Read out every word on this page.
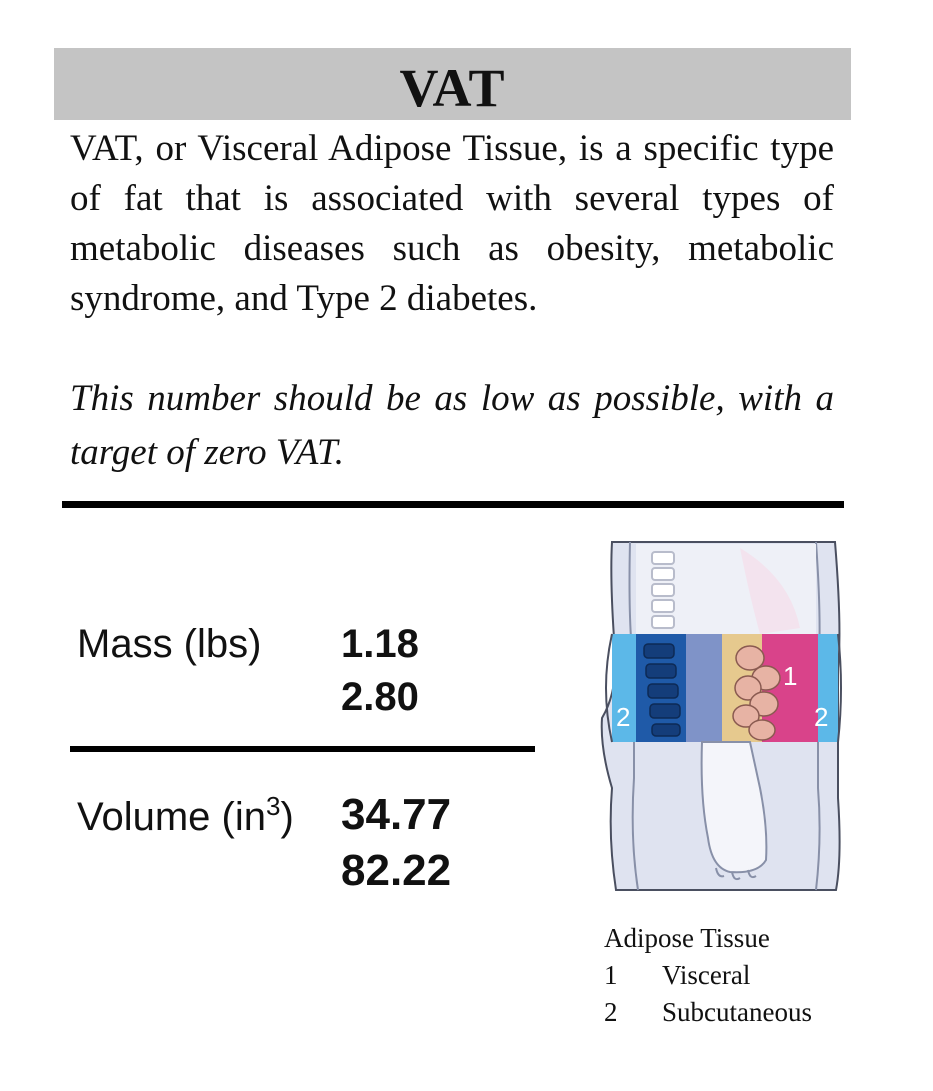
VAT

VAT, or Visceral Adipose Tissue, is a specific type of fat that is associated with several types of metabolic diseases such as obesity, metabolic syndrome, and Type 2 diabetes.

This number should be as low as possible, with a target of zero VAT.

Mass (lbs) 1.18
2.80
Volume $(in^3)$ 34.77
82.22
1
2	2
Adipose Tissue
1 Visceral
2 Subcutaneous
